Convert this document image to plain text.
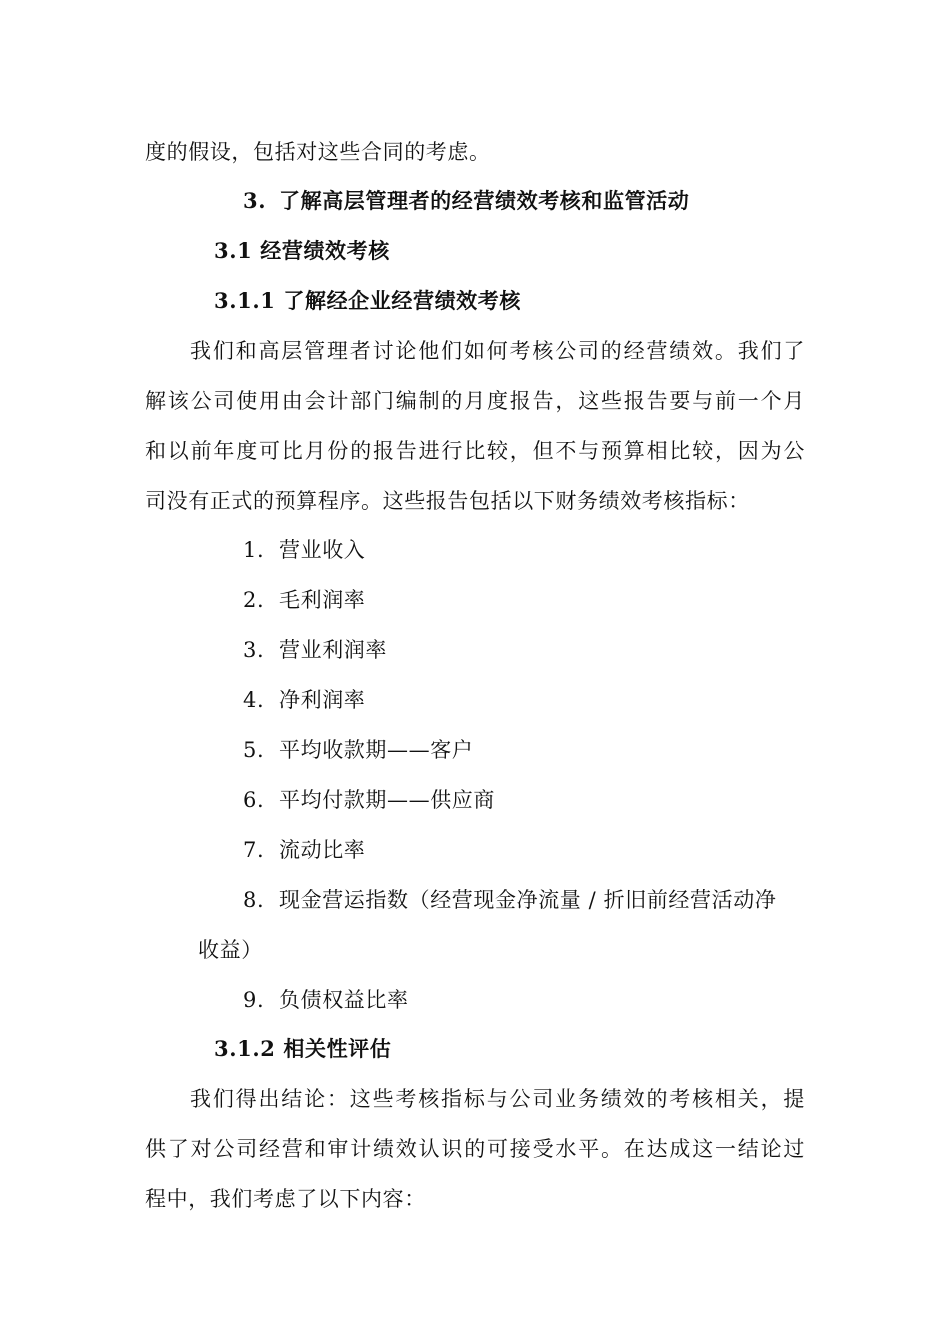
度的假设，包括对这些合同的考虑。
3. 了解高层管理者的经营绩效考核和监管活动
3.1 经营绩效考核
3.1.1 了解经企业经营绩效考核
我们和高层管理者讨论他们如何考核公司的经营绩效。我们了
解该公司使用由会计部门编制的月度报告，这些报告要与前一个月
和以前年度可比月份的报告进行比较，但不与预算相比较，因为公
司没有正式的预算程序。这些报告包括以下财务绩效考核指标：
1. 营业收入
2. 毛利润率
3. 营业利润率
4. 净利润率
5. 平均收款期——客户
6. 平均付款期——供应商
7. 流动比率
8. 现金营运指数（经营现金净流量 / 折旧前经营活动净
收益）
9. 负债权益比率
3.1.2 相关性评估
我们得出结论：这些考核指标与公司业务绩效的考核相关，提
供了对公司经营和审计绩效认识的可接受水平。在达成这一结论过
程中，我们考虑了以下内容：
